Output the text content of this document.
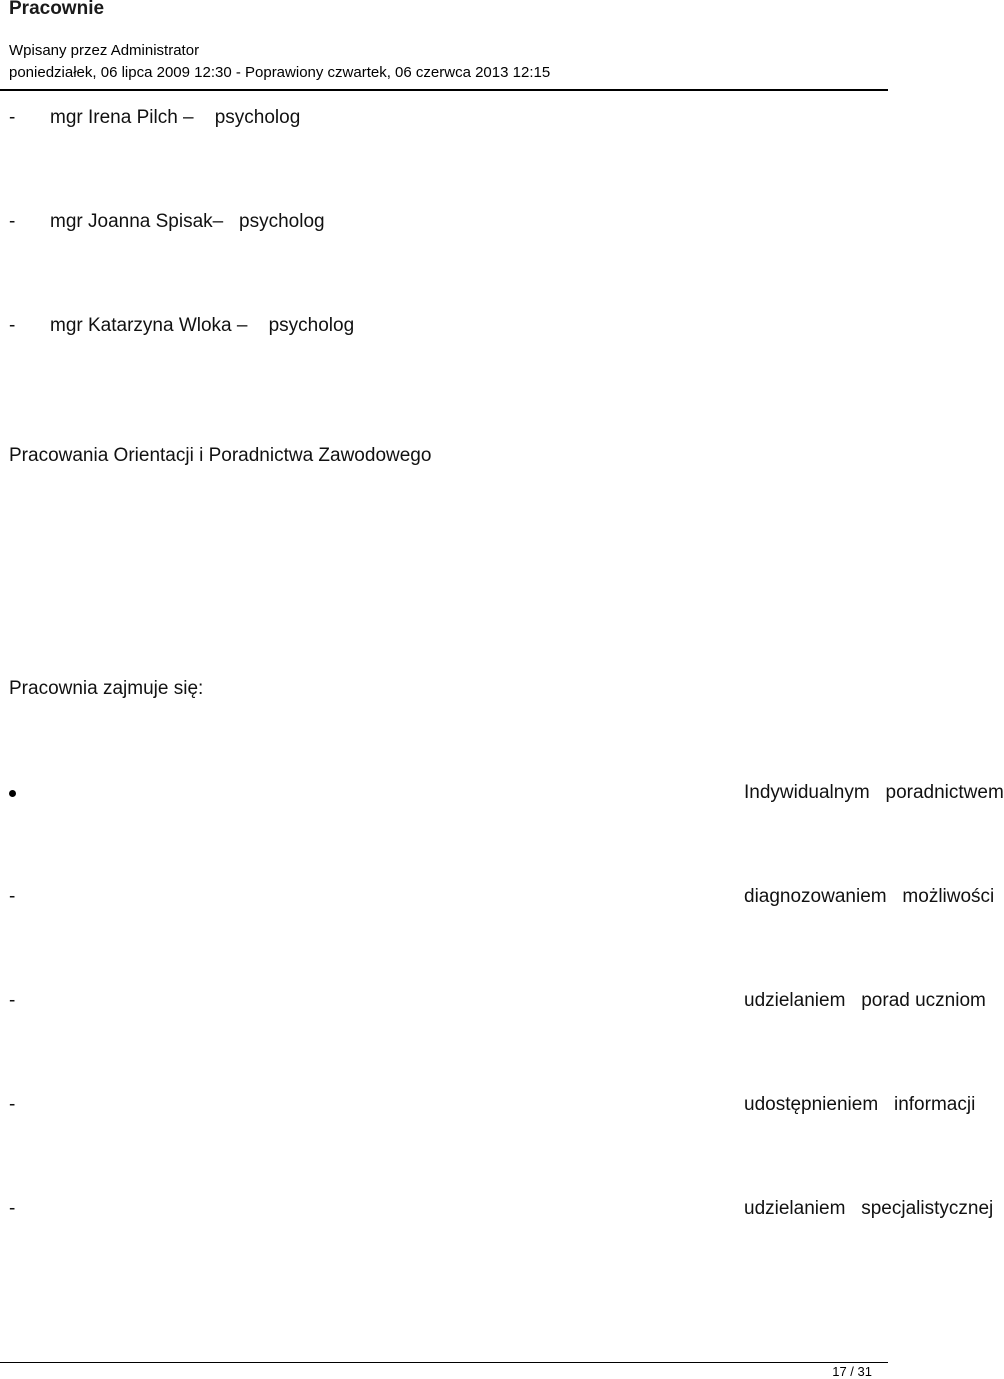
Pracownie
Wpisany przez Administrator
poniedziałek, 06 lipca 2009 12:30 - Poprawiony czwartek, 06 czerwca 2013 12:15
- mgr Irena Pilch –    psycholog
- mgr Joanna Spisak–   psycholog
- mgr Katarzyna Wloka –    psycholog
Pracowania Orientacji i Poradnictwa Zawodowego
Pracownia zajmuje się:
Indywidualnym   poradnictwem
-	diagnozowaniem   możliwości
-	udzielaniem   porad uczniom
-	udostępnieniem   informacji
-	udzielaniem   specjalistycznej
17 / 31
